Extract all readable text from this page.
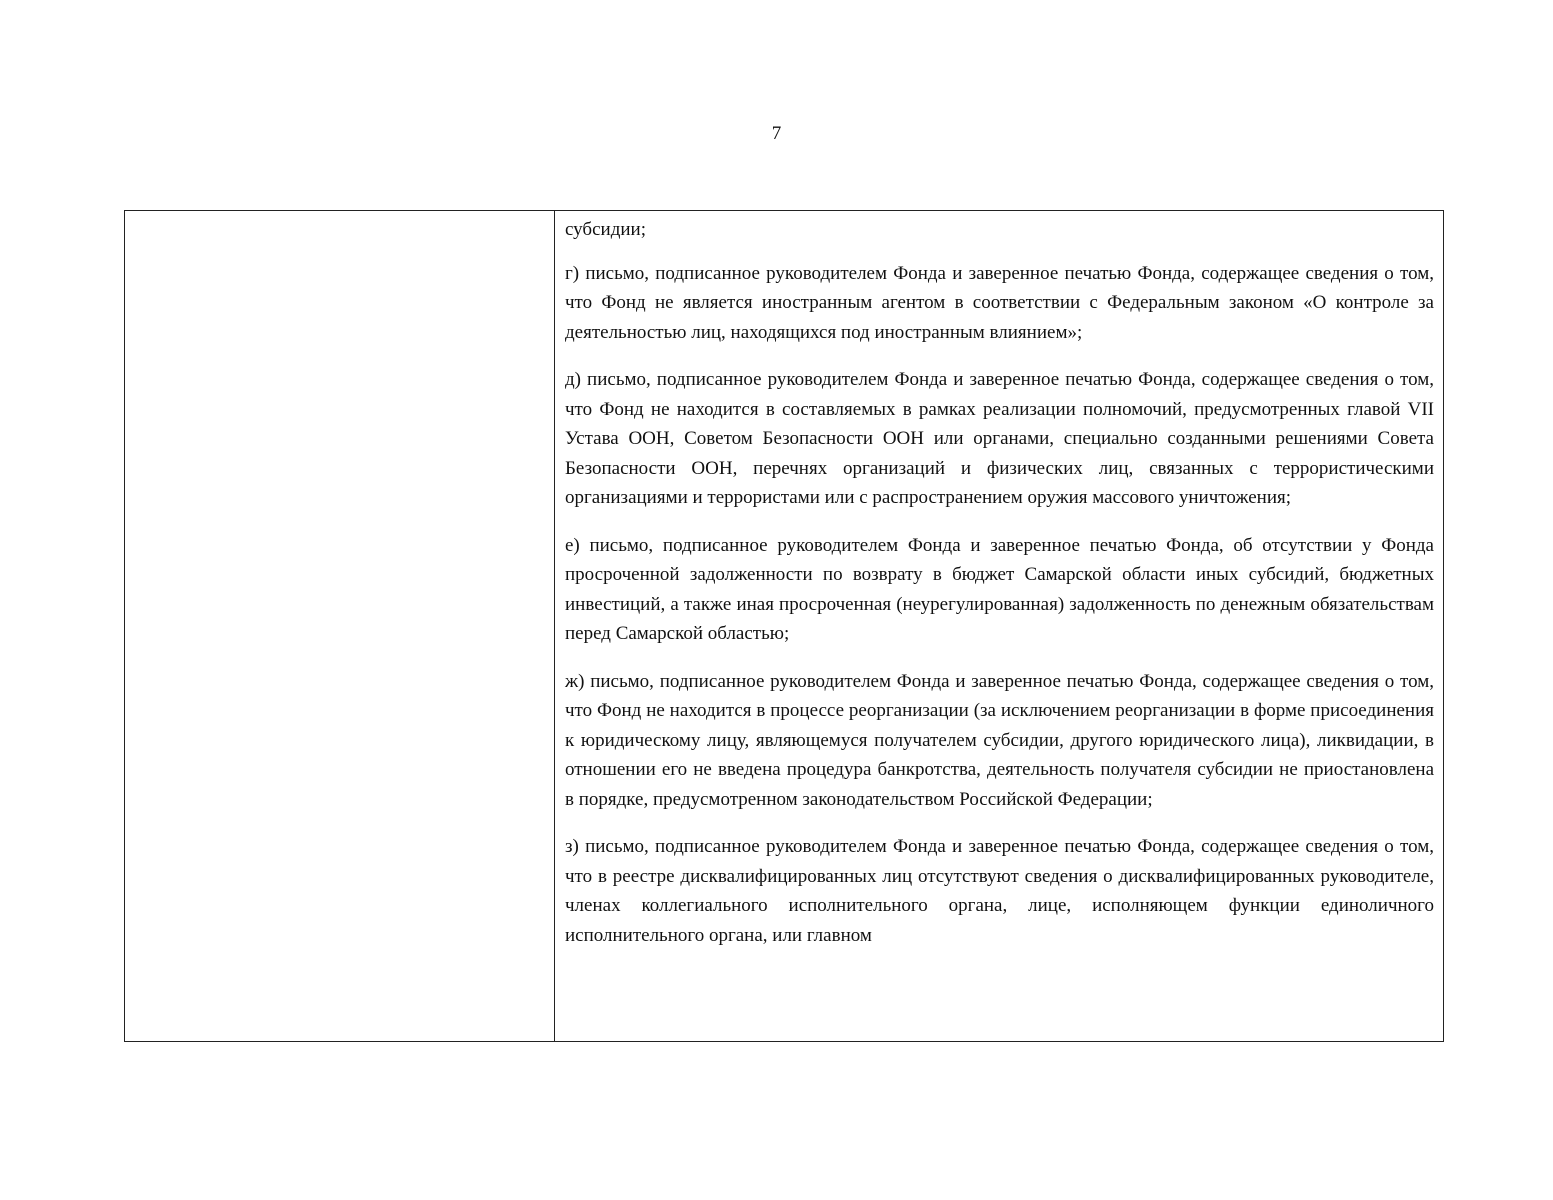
7

субсидии;

г) письмо, подписанное руководителем Фонда и заверенное печатью Фонда, содержащее сведения о том, что Фонд не является иностранным агентом в соответствии с Федеральным законом «О контроле за деятельностью лиц, находящихся под иностранным влиянием»;

д) письмо, подписанное руководителем Фонда и заверенное печатью Фонда, содержащее сведения о том, что Фонд не находится в составляемых в рамках реализации полномочий, предусмотренных главой VII Устава ООН, Советом Безопасности ООН или органами, специально созданными решениями Совета Безопасности ООН, перечнях организаций и физических лиц, связанных с террористическими организациями и террористами или с распространением оружия массового уничтожения;

е) письмо, подписанное руководителем Фонда и заверенное печатью Фонда, об отсутствии у Фонда просроченной задолженности по возврату в бюджет Самарской области иных субсидий, бюджетных инвестиций, а также иная просроченная (неурегулированная) задолженность по денежным обязательствам перед Самарской областью;

ж) письмо, подписанное руководителем Фонда и заверенное печатью Фонда, содержащее сведения о том, что Фонд не находится в процессе реорганизации (за исключением реорганизации в форме присоединения к юридическому лицу, являющемуся получателем субсидии, другого юридического лица), ликвидации, в отношении его не введена процедура банкротства, деятельность получателя субсидии не приостановлена в порядке, предусмотренном законодательством Российской Федерации;

з) письмо, подписанное руководителем Фонда и заверенное печатью Фонда, содержащее сведения о том, что в реестре дисквалифицированных лиц отсутствуют сведения о дисквалифицированных руководителе, членах коллегиального исполнительного органа, лице, исполняющем функции единоличного исполнительного органа, или главном
